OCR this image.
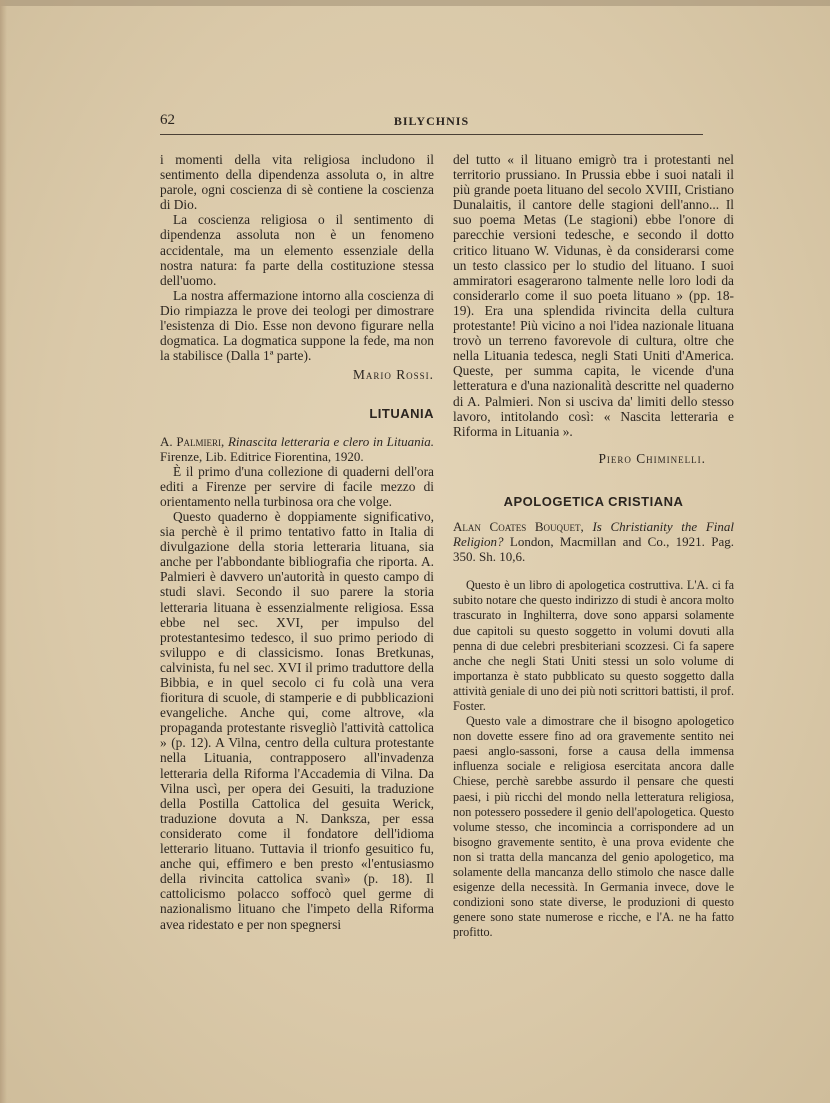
62	BILYCHNIS

i momenti della vita religiosa includono il sentimento della dipendenza assoluta o, in altre parole, ogni coscienza di sè contiene la coscienza di Dio.

La coscienza religiosa o il sentimento di dipendenza assoluta non è un fenomeno accidentale, ma un elemento essenziale della nostra natura: fa parte della costituzione stessa dell'uomo.

La nostra affermazione intorno alla coscienza di Dio rimpiazza le prove dei teologi per dimostrare l'esistenza di Dio. Esse non devono figurare nella dogmatica. La dogmatica suppone la fede, ma non la stabilisce (Dalla 1ª parte).

Mario Rossi.
LITUANIA

A. Palmieri, Rinascita letteraria e clero in Lituania. Firenze, Lib. Editrice Fiorentina, 1920.

È il primo d'una collezione di quaderni dell'ora editi a Firenze per servire di facile mezzo di orientamento nella turbinosa ora che volge.

Questo quaderno è doppiamente significativo, sia perchè è il primo tentativo fatto in Italia di divulgazione della storia letteraria lituana, sia anche per l'abbondante bibliografia che riporta. A. Palmieri è davvero un'autorità in questo campo di studi slavi. Secondo il suo parere la storia letteraria lituana è essenzialmente religiosa. Essa ebbe nel sec. XVI, per impulso del protestantesimo tedesco, il suo primo periodo di sviluppo e di classicismo. Ionas Bretkunas, calvinista, fu nel sec. XVI il primo traduttore della Bibbia, e in quel secolo ci fu colà una vera fioritura di scuole, di stamperie e di pubblicazioni evangeliche. Anche qui, come altrove, «la propaganda protestante risvegliò l'attività cattolica » (p. 12). A Vilna, centro della cultura protestante nella Lituania, contrapposero all'invadenza letteraria della Riforma l'Accademia di Vilna. Da Vilna uscì, per opera dei Gesuiti, la traduzione della Postilla Cattolica del gesuita Werick, traduzione dovuta a N. Danksza, per essa considerato come il fondatore dell'idioma letterario lituano. Tuttavia il trionfo gesuitico fu, anche qui, effimero e ben presto «l'entusiasmo della rivincita cattolica svanì» (p. 18). Il cattolicismo polacco soffocò quel germe di nazionalismo lituano che l'impeto della Riforma avea ridestato e per non spegnersi

del tutto « il lituano emigrò tra i protestanti nel territorio prussiano. In Prussia ebbe i suoi natali il più grande poeta lituano del secolo XVIII, Cristiano Dunalaitis, il cantore delle stagioni dell'anno... Il suo poema Metas (Le stagioni) ebbe l'onore di parecchie versioni tedesche, e secondo il dotto critico lituano W. Vidunas, è da considerarsi come un testo classico per lo studio del lituano. I suoi ammiratori esagerarono talmente nelle loro lodi da considerarlo come il suo poeta lituano » (pp. 18-19). Era una splendida rivincita della cultura protestante! Più vicino a noi l'idea nazionale lituana trovò un terreno favorevole di cultura, oltre che nella Lituania tedesca, negli Stati Uniti d'America. Queste, per summa capita, le vicende d'una letteratura e d'una nazionalità descritte nel quaderno di A. Palmieri. Non si usciva da' limiti dello stesso lavoro, intitolando così: « Nascita letteraria e Riforma in Lituania ».

Piero Chiminelli.
APOLOGETICA CRISTIANA

Alan Coates Bouquet, Is Christianity the Final Religion? London, Macmillan and Co., 1921. Pag. 350. Sh. 10,6.

Questo è un libro di apologetica costruttiva. L'A. ci fa subito notare che questo indirizzo di studi è ancora molto trascurato in Inghilterra, dove sono apparsi solamente due capitoli su questo soggetto in volumi dovuti alla penna di due celebri presbiteriani scozzesi. Ci fa sapere anche che negli Stati Uniti stessi un solo volume di importanza è stato pubblicato su questo soggetto dalla attività geniale di uno dei più noti scrittori battisti, il prof. Foster.

Questo vale a dimostrare che il bisogno apologetico non dovette essere fino ad ora gravemente sentito nei paesi anglo-sassoni, forse a causa della immensa influenza sociale e religiosa esercitata ancora dalle Chiese, perchè sarebbe assurdo il pensare che questi paesi, i più ricchi del mondo nella letteratura religiosa, non potessero possedere il genio dell'apologetica. Questo volume stesso, che incomincia a corrispondere ad un bisogno gravemente sentito, è una prova evidente che non si tratta della mancanza del genio apologetico, ma solamente della mancanza dello stimolo che nasce dalle esigenze della necessità. In Germania invece, dove le condizioni sono state diverse, le produzioni di questo genere sono state numerose e ricche, e l'A. ne ha fatto profitto.
